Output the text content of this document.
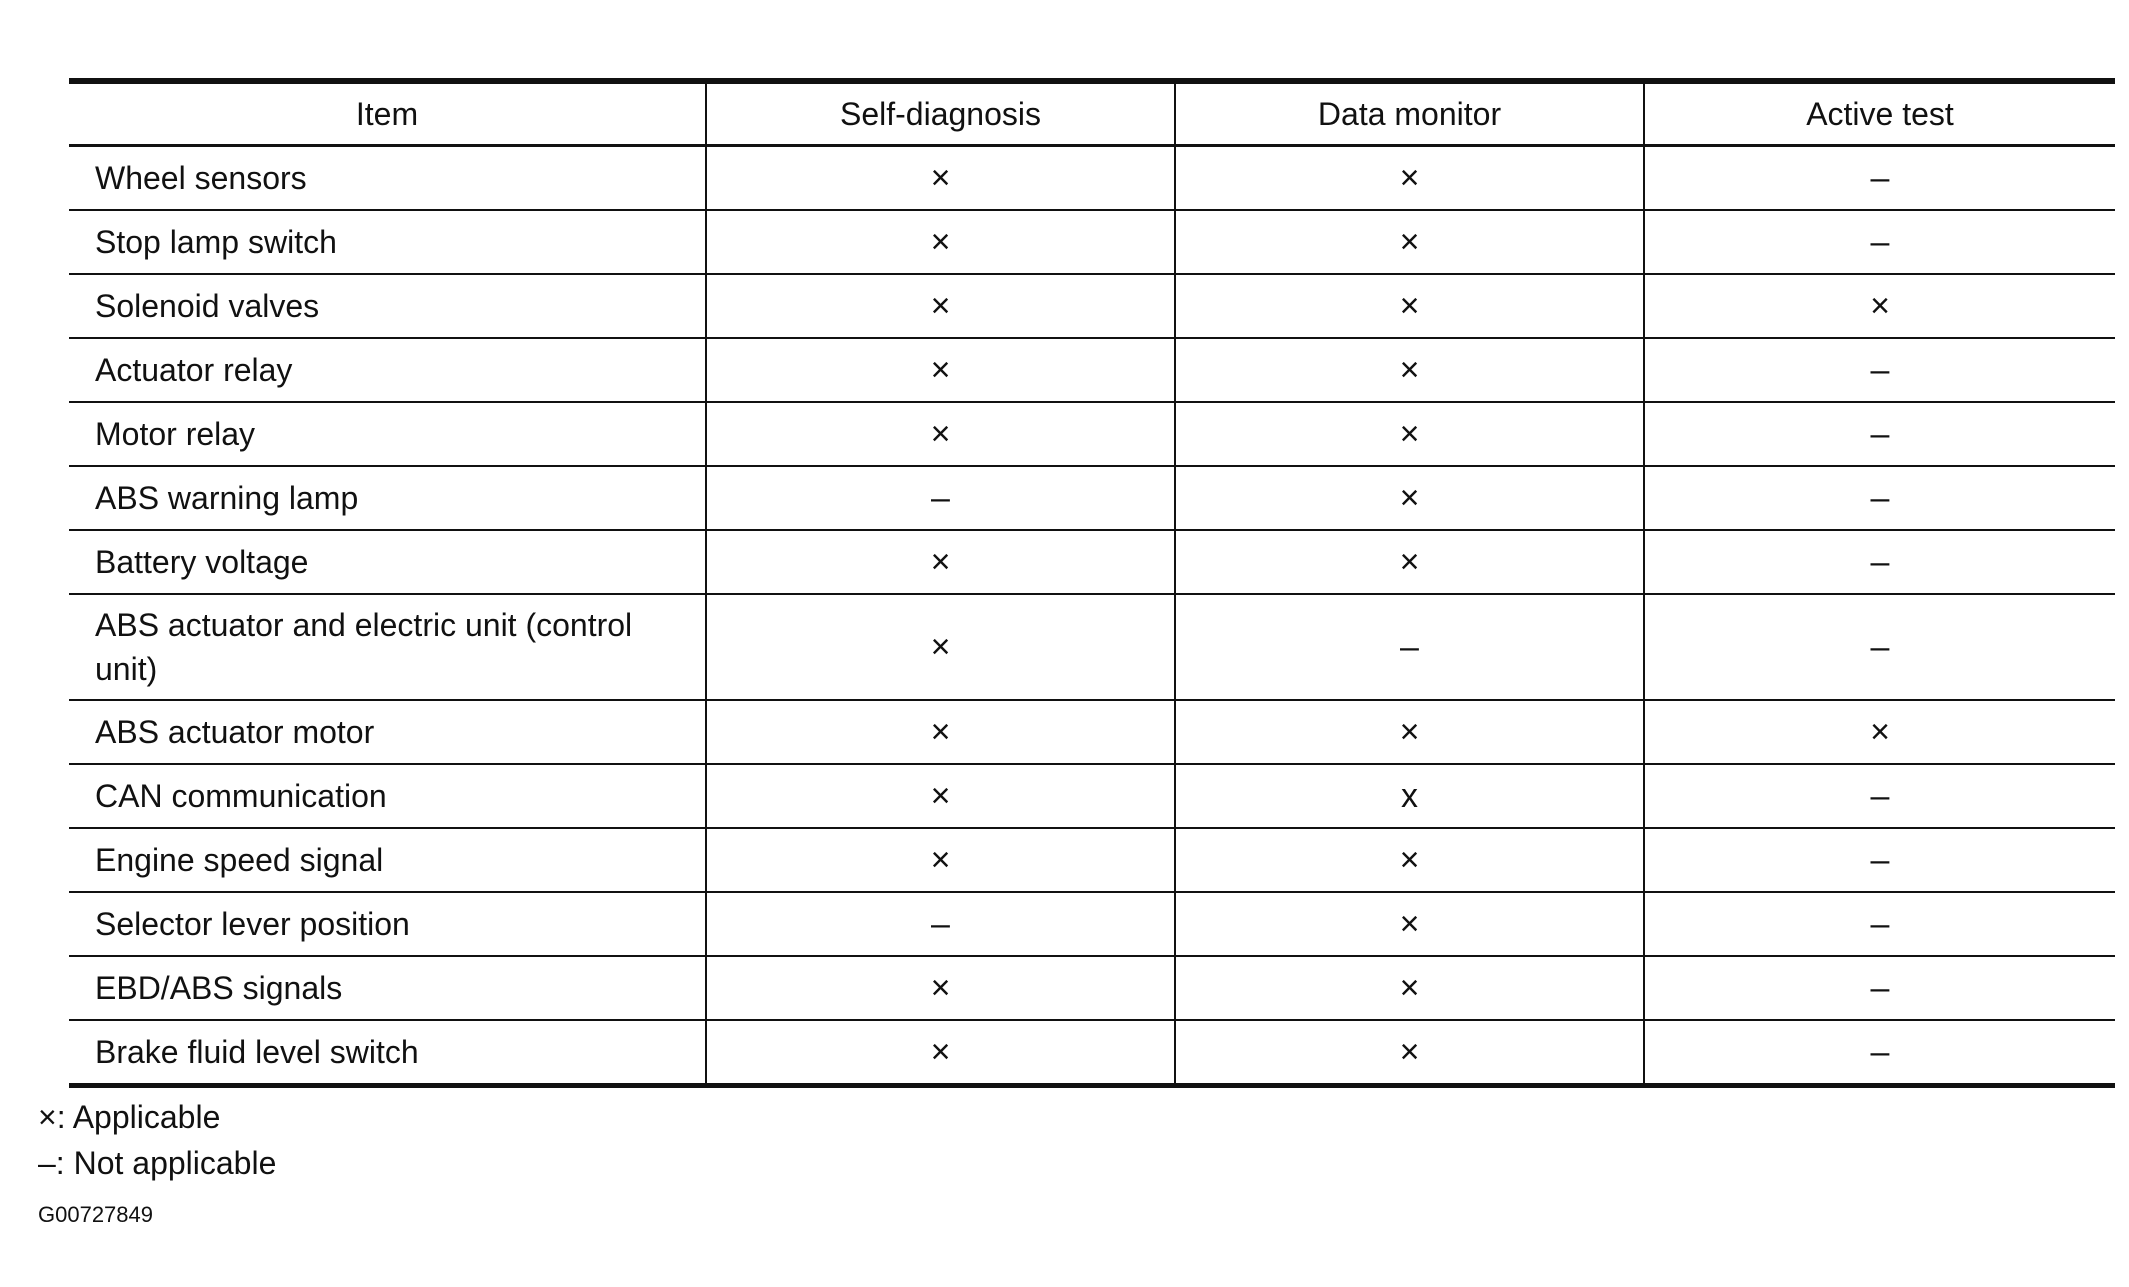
Item	Self-diagnosis	Data monitor	Active test
Wheel sensors	×	×	–
Stop lamp switch	×	×	–
Solenoid valves	×	×	×
Actuator relay	×	×	–
Motor relay	×	×	–
ABS warning lamp	–	×	–
Battery voltage	×	×	–
ABS actuator and electric unit (control unit)	×	–	–
ABS actuator motor	×	×	×
CAN communication	×	x	–
Engine speed signal	×	×	–
Selector lever position	–	×	–
EBD/ABS signals	×	×	–
Brake fluid level switch	×	×	–
×: Applicable
–: Not applicable
G00727849
